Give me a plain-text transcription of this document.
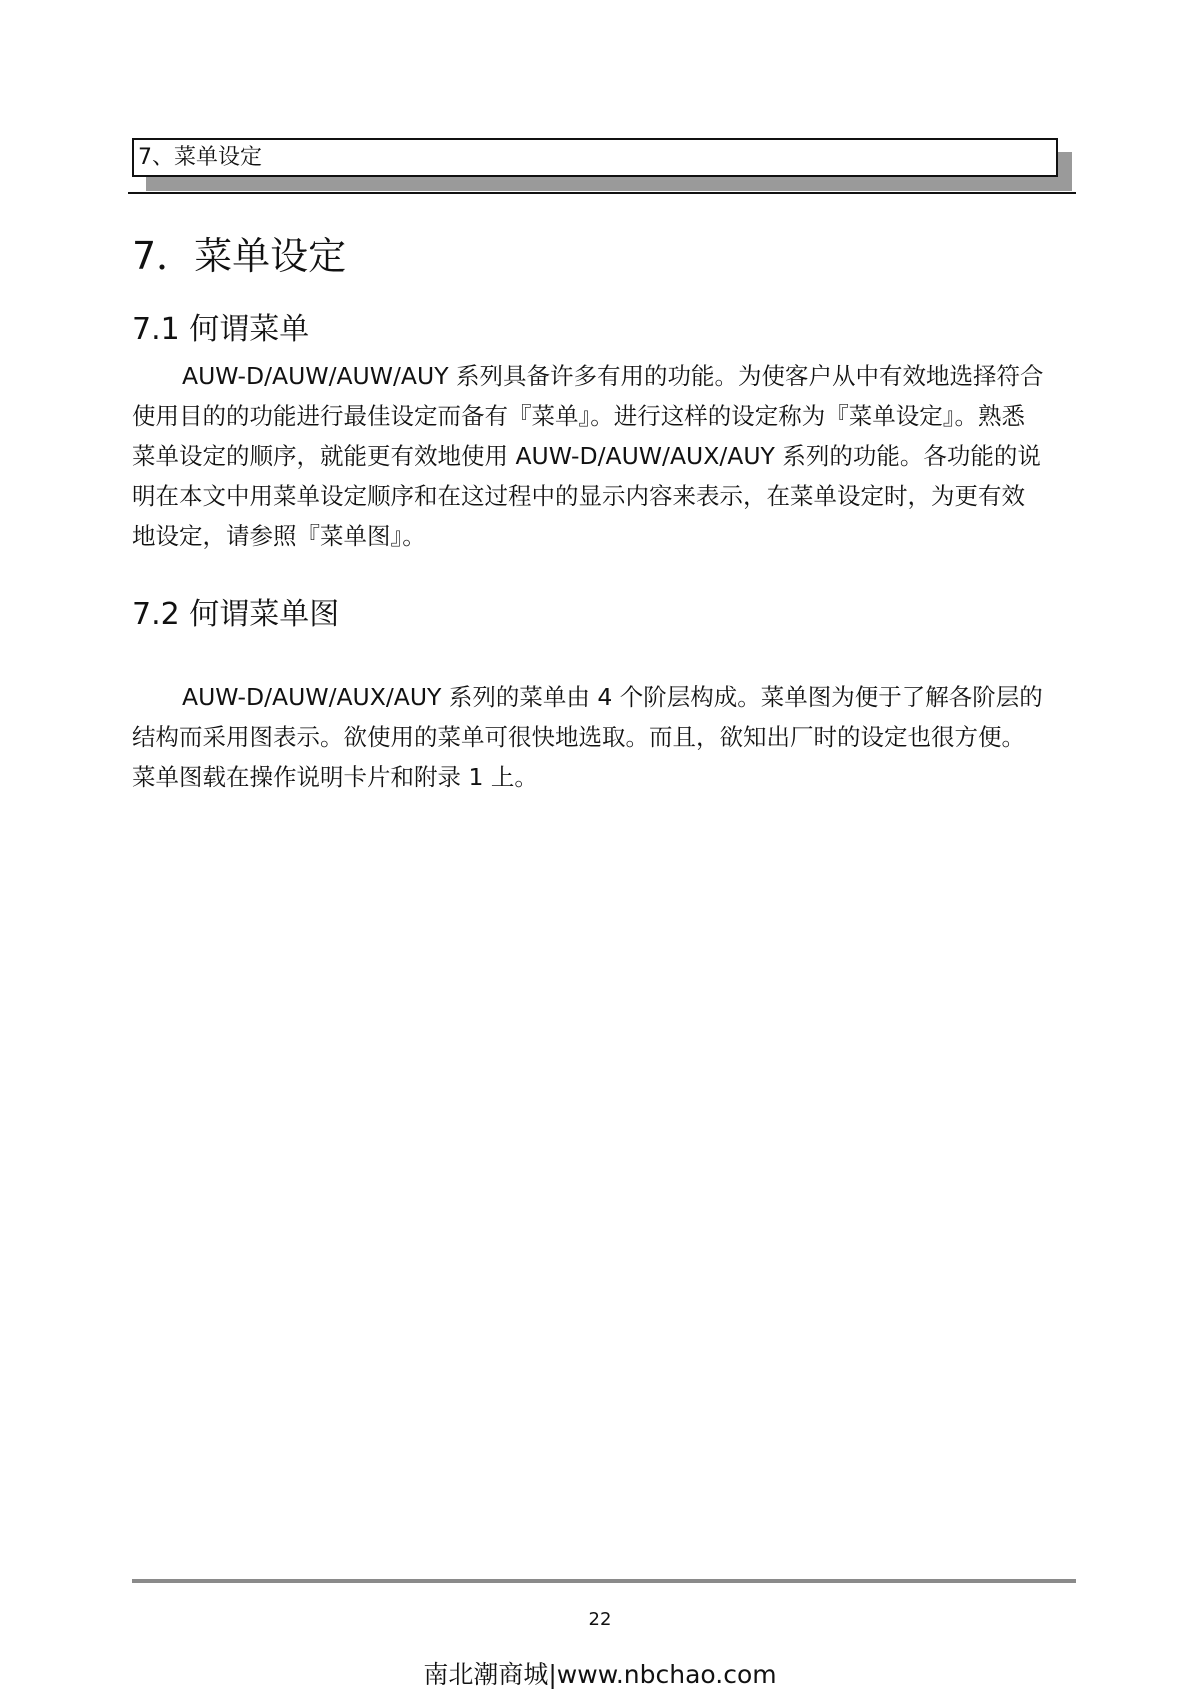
7、菜单设定
7．菜单设定
7.1 何谓菜单
AUW-D/AUW/AUW/AUY 系列具备许多有用的功能。为使客户从中有效地选择符合
使用目的的功能进行最佳设定而备有『菜单』。进行这样的设定称为『菜单设定』。熟悉
菜单设定的顺序，就能更有效地使用 AUW-D/AUW/AUX/AUY 系列的功能。各功能的说
明在本文中用菜单设定顺序和在这过程中的显示内容来表示，在菜单设定时，为更有效
地设定，请参照『菜单图』。
7.2 何谓菜单图
AUW-D/AUW/AUX/AUY 系列的菜单由 4 个阶层构成。菜单图为便于了解各阶层的
结构而采用图表示。欲使用的菜单可很快地选取。而且，欲知出厂时的设定也很方便。
菜单图载在操作说明卡片和附录 1 上。
22
南北潮商城|www.nbchao.com
